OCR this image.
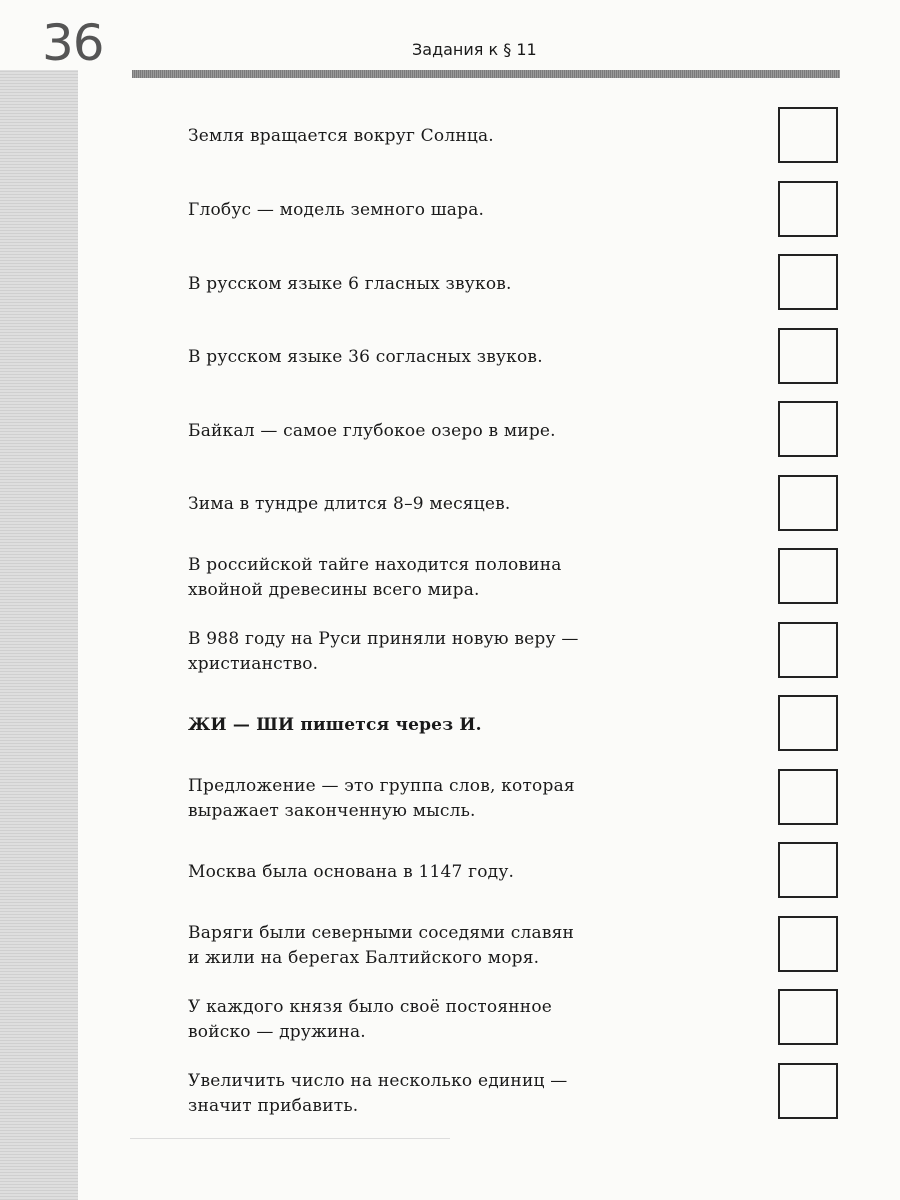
36	Задания к § 11
Земля вращается вокруг Солнца.
Глобус — модель земного шара.
В русском языке 6 гласных звуков.
В русском языке 36 согласных звуков.
Байкал — самое глубокое озеро в мире.
Зима в тундре длится 8–9 месяцев.
В российской тайге находится половина
хвойной древесины всего мира.
В 988 году на Руси приняли новую веру —
христианство.
ЖИ — ШИ пишется через И.
Предложение — это группа слов, которая
выражает законченную мысль.
Москва была основана в 1147 году.
Варяги были северными соседями славян
и жили на берегах Балтийского моря.
У каждого князя было своё постоянное
войско — дружина.
Увеличить число на несколько единиц —
значит прибавить.
